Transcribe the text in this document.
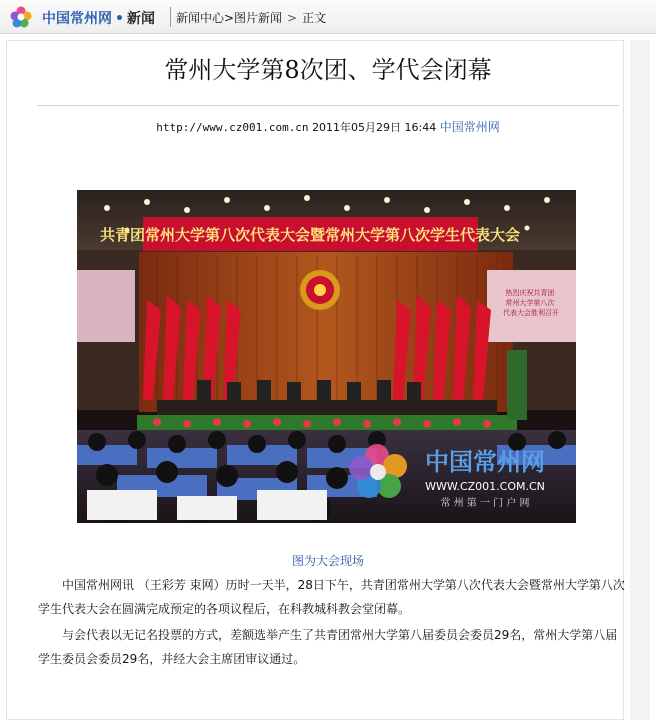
中国常州网 • 新闻 新闻中心>图片新闻 > 正文
常州大学第8次团、学代会闭幕
http://www.cz001.com.cn 2011年05月29日 16:44 中国常州网
共青团常州大学第八次代表大会暨常州大学第八次学生代表大会
热烈庆祝共青团 常州大学第八次 代表大会胜利召开
中国常州网
WWW.CZ001.COM.CN
常 州 第 一 门 户 网
图为大会现场
中国常州网讯 （王彩芳 束网）历时一天半，28日下午，共青团常州大学第八次代表大会暨常州大学第八次学生代表大会在圆满完成预定的各项议程后，在科教城科教会堂闭幕。
与会代表以无记名投票的方式，差额选举产生了共青团常州大学第八届委员会委员29名，常州大学第八届学生委员会委员29名，并经大会主席团审议通过。
